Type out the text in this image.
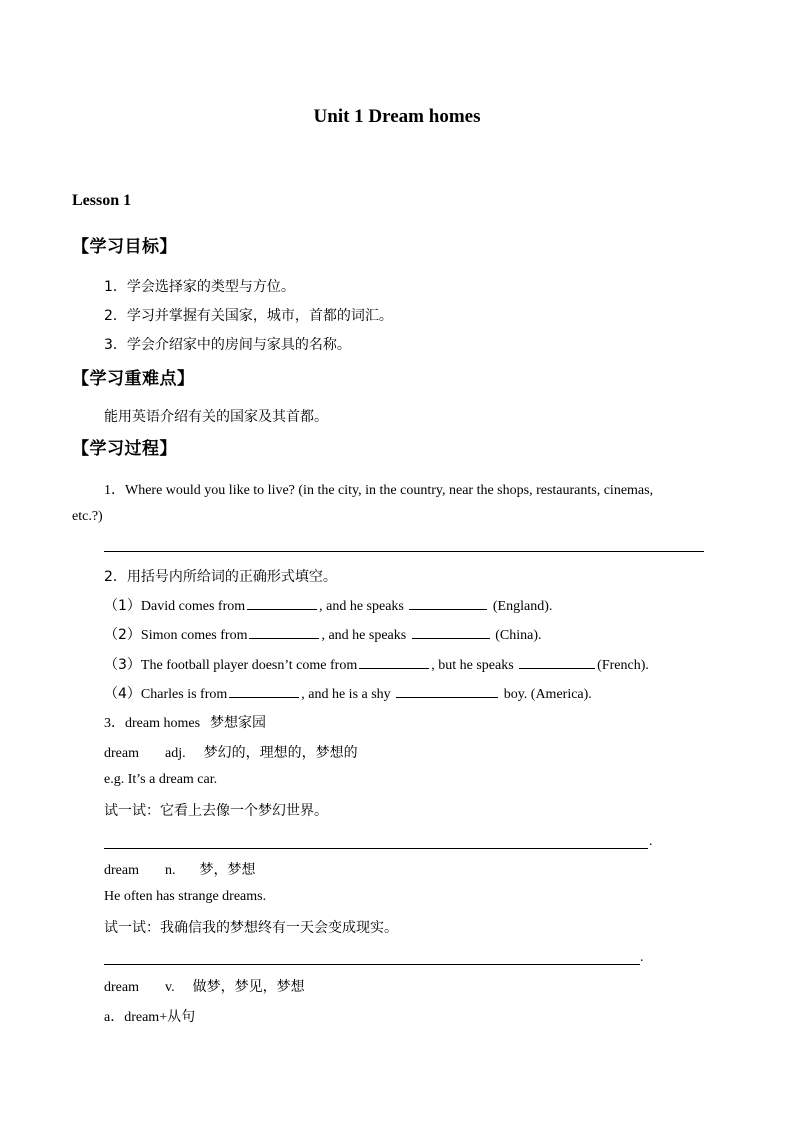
Unit 1 Dream homes
Lesson 1
【学习目标】
1．学会选择家的类型与方位。
2．学习并掌握有关国家，城市，首都的词汇。
3．学会介绍家中的房间与家具的名称。
【学习重难点】
能用英语介绍有关的国家及其首都。
【学习过程】
1．Where would you like to live? (in the city, in the country, near the shops, restaurants, cinemas,
etc.?)
2．用括号内所给词的正确形式填空。
（1）David comes from	, and he speaks	(England).
（2）Simon comes from	, and he speaks	(China).
（3）The football player doesn’t come from	, but he speaks	(French).
（4）Charles is from	, and he is a shy	boy. (America).
3．dream homes 梦想家园
dream adj. 梦幻的，理想的，梦想的
e.g. It’s a dream car.
试一试：它看上去像一个梦幻世界。
.
dream n. 梦，梦想
He often has strange dreams.
试一试：我确信我的梦想终有一天会变成现实。
.
dream v. 做梦，梦见，梦想
a．dream+从句
